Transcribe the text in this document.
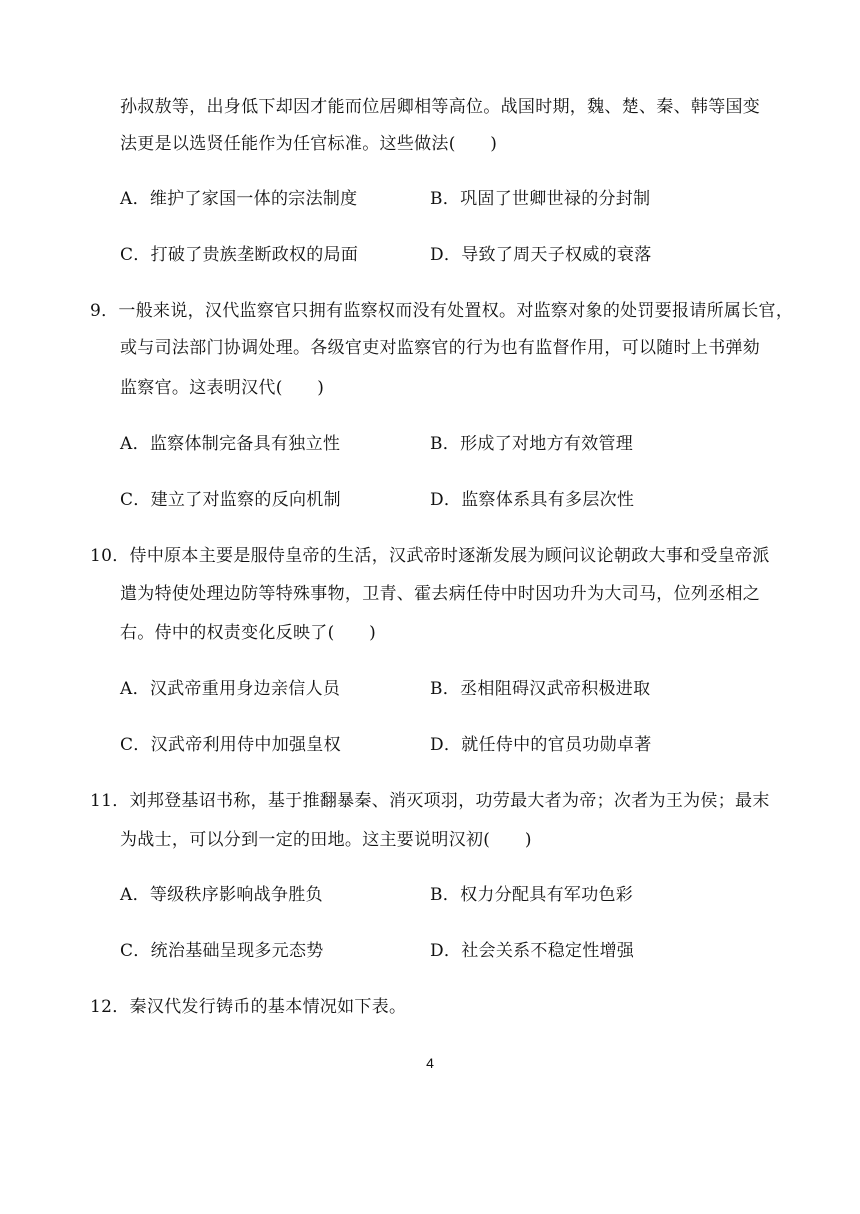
孙叔敖等，出身低下却因才能而位居卿相等高位。战国时期，魏、楚、秦、韩等国变
法更是以选贤任能作为任官标准。这些做法(　　)
A．维护了家国一体的宗法制度	B．巩固了世卿世禄的分封制
C．打破了贵族垄断政权的局面	D．导致了周天子权威的衰落
9．一般来说，汉代监察官只拥有监察权而没有处置权。对监察对象的处罚要报请所属长官，
或与司法部门协调处理。各级官吏对监察官的行为也有监督作用，可以随时上书弹劾
监察官。这表明汉代(　　)
A．监察体制完备具有独立性	B．形成了对地方有效管理
C．建立了对监察的反向机制	D．监察体系具有多层次性
10．侍中原本主要是服侍皇帝的生活，汉武帝时逐渐发展为顾问议论朝政大事和受皇帝派
遣为特使处理边防等特殊事物，卫青、霍去病任侍中时因功升为大司马，位列丞相之
右。侍中的权责变化反映了(　　)
A．汉武帝重用身边亲信人员	B．丞相阻碍汉武帝积极进取
C．汉武帝利用侍中加强皇权	D．就任侍中的官员功勋卓著
11．刘邦登基诏书称，基于推翻暴秦、消灭项羽，功劳最大者为帝；次者为王为侯；最末
为战士，可以分到一定的田地。这主要说明汉初(　　)
A．等级秩序影响战争胜负	B．权力分配具有军功色彩
C．统治基础呈现多元态势	D．社会关系不稳定性增强
12．秦汉代发行铸币的基本情况如下表。
4
